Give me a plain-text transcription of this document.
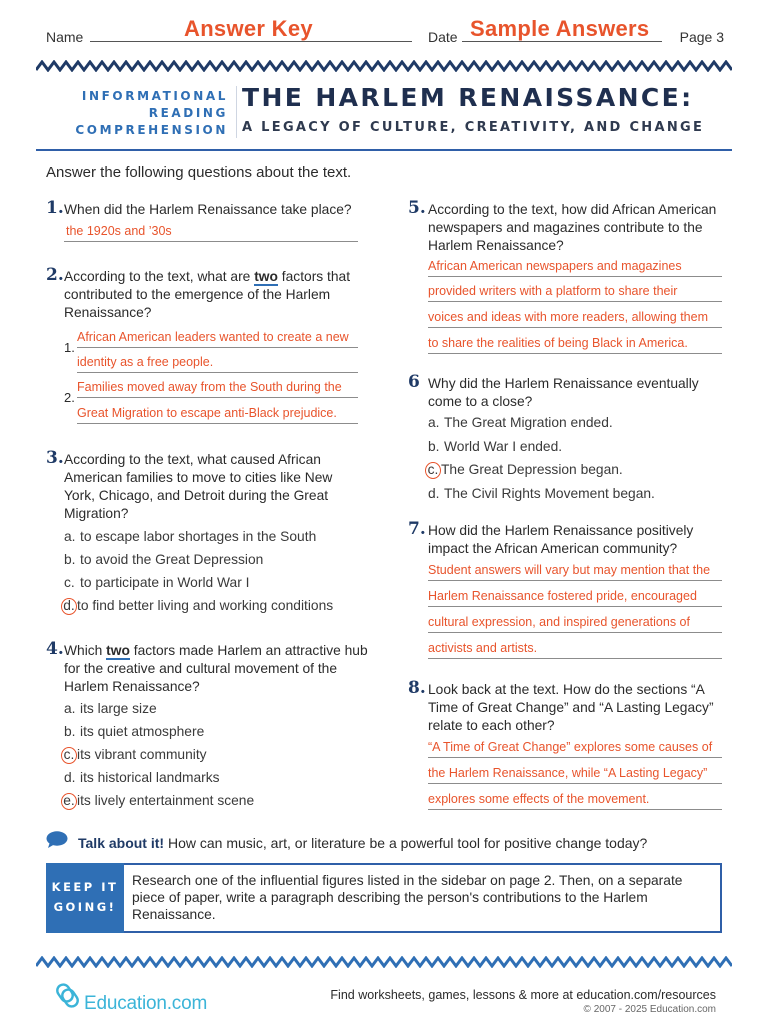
Name	Answer Key	Date Sample Answers Page 3
INFORMATIONAL
READING
COMPREHENSION
THE HARLEM RENAISSANCE:
A LEGACY OF CULTURE, CREATIVITY, AND CHANGE
Answer the following questions about the text.
1. When did the Harlem Renaissance take place?
the 1920s and ’30s
2. According to the text, what are two factors that contributed to the emergence of the Harlem Renaissance?
1.
African American leaders wanted to create a new
identity as a free people.
2.
Families moved away from the South during the
Great Migration to escape anti-Black prejudice.
3. According to the text, what caused African American families to move to cities like New York, Chicago, and Detroit during the Great Migration?
a. to escape labor shortages in the South
b. to avoid the Great Depression
c. to participate in World War I
d. to find better living and working conditions
4. Which two factors made Harlem an attractive hub for the creative and cultural movement of the Harlem Renaissance?
a. its large size
b. its quiet atmosphere
c. its vibrant community
d. its historical landmarks
e. its lively entertainment scene
5. According to the text, how did African American newspapers and magazines contribute to the Harlem Renaissance?
African American newspapers and magazines
provided writers with a platform to share their
voices and ideas with more readers, allowing them
to share the realities of being Black in America.
6 Why did the Harlem Renaissance eventually come to a close?
a. The Great Migration ended.
b. World War I ended.
c. The Great Depression began.
d. The Civil Rights Movement began.
7. How did the Harlem Renaissance positively impact the African American community?
Student answers will vary but may mention that the
Harlem Renaissance fostered pride, encouraged
cultural expression, and inspired generations of
activists and artists.
8. Look back at the text. How do the sections “A Time of Great Change” and “A Lasting Legacy” relate to each other?
“A Time of Great Change” explores some causes of
the Harlem Renaissance, while “A Lasting Legacy”
explores some effects of the movement.
Talk about it! How can music, art, or literature be a powerful tool for positive change today?
KEEP IT
GOING!
Research one of the influential figures listed in the sidebar on page 2. Then, on a separate piece of paper, write a paragraph describing the person's contributions to the Harlem Renaissance.
Education.com	Find worksheets, games, lessons & more at education.com/resources
© 2007 - 2025 Education.com
